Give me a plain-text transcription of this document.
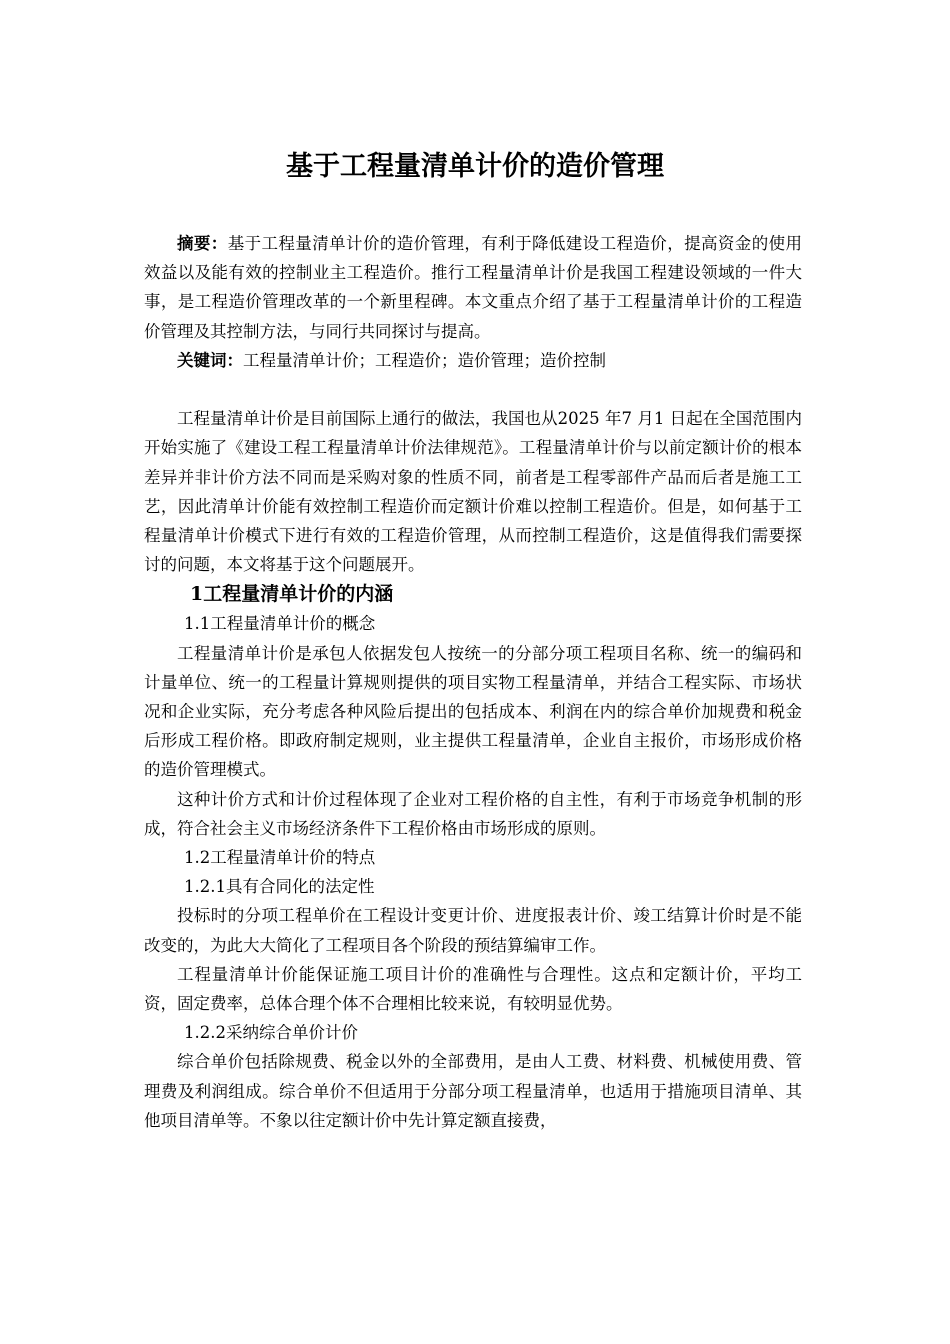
基于工程量清单计价的造价管理

摘要：基于工程量清单计价的造价管理，有利于降低建设工程造价，提高资金的使用效益以及能有效的控制业主工程造价。推行工程量清单计价是我国工程建设领域的一件大事，是工程造价管理改革的一个新里程碑。本文重点介绍了基于工程量清单计价的工程造价管理及其控制方法，与同行共同探讨与提高。

关键词：工程量清单计价；工程造价；造价管理；造价控制

工程量清单计价是目前国际上通行的做法，我国也从2025 年7 月1 日起在全国范围内开始实施了《建设工程工程量清单计价法律规范》。工程量清单计价与以前定额计价的根本差异并非计价方法不同而是采购对象的性质不同，前者是工程零部件产品而后者是施工工艺，因此清单计价能有效控制工程造价而定额计价难以控制工程造价。但是，如何基于工程量清单计价模式下进行有效的工程造价管理，从而控制工程造价，这是值得我们需要探讨的问题，本文将基于这个问题展开。

1工程量清单计价的内涵
1.1工程量清单计价的概念

工程量清单计价是承包人依据发包人按统一的分部分项工程项目名称、统一的编码和计量单位、统一的工程量计算规则提供的项目实物工程量清单，并结合工程实际、市场状况和企业实际，充分考虑各种风险后提出的包括成本、利润在内的综合单价加规费和税金后形成工程价格。即政府制定规则，业主提供工程量清单，企业自主报价，市场形成价格的造价管理模式。

这种计价方式和计价过程体现了企业对工程价格的自主性，有利于市场竞争机制的形成，符合社会主义市场经济条件下工程价格由市场形成的原则。

1.2工程量清单计价的特点
1.2.1具有合同化的法定性

投标时的分项工程单价在工程设计变更计价、进度报表计价、竣工结算计价时是不能改变的，为此大大简化了工程项目各个阶段的预结算编审工作。

工程量清单计价能保证施工项目计价的准确性与合理性。这点和定额计价，平均工资，固定费率，总体合理个体不合理相比较来说，有较明显优势。

1.2.2采纳综合单价计价

综合单价包括除规费、税金以外的全部费用，是由人工费、材料费、机械使用费、管理费及利润组成。综合单价不但适用于分部分项工程量清单，也适用于措施项目清单、其他项目清单等。不象以往定额计价中先计算定额直接费，
